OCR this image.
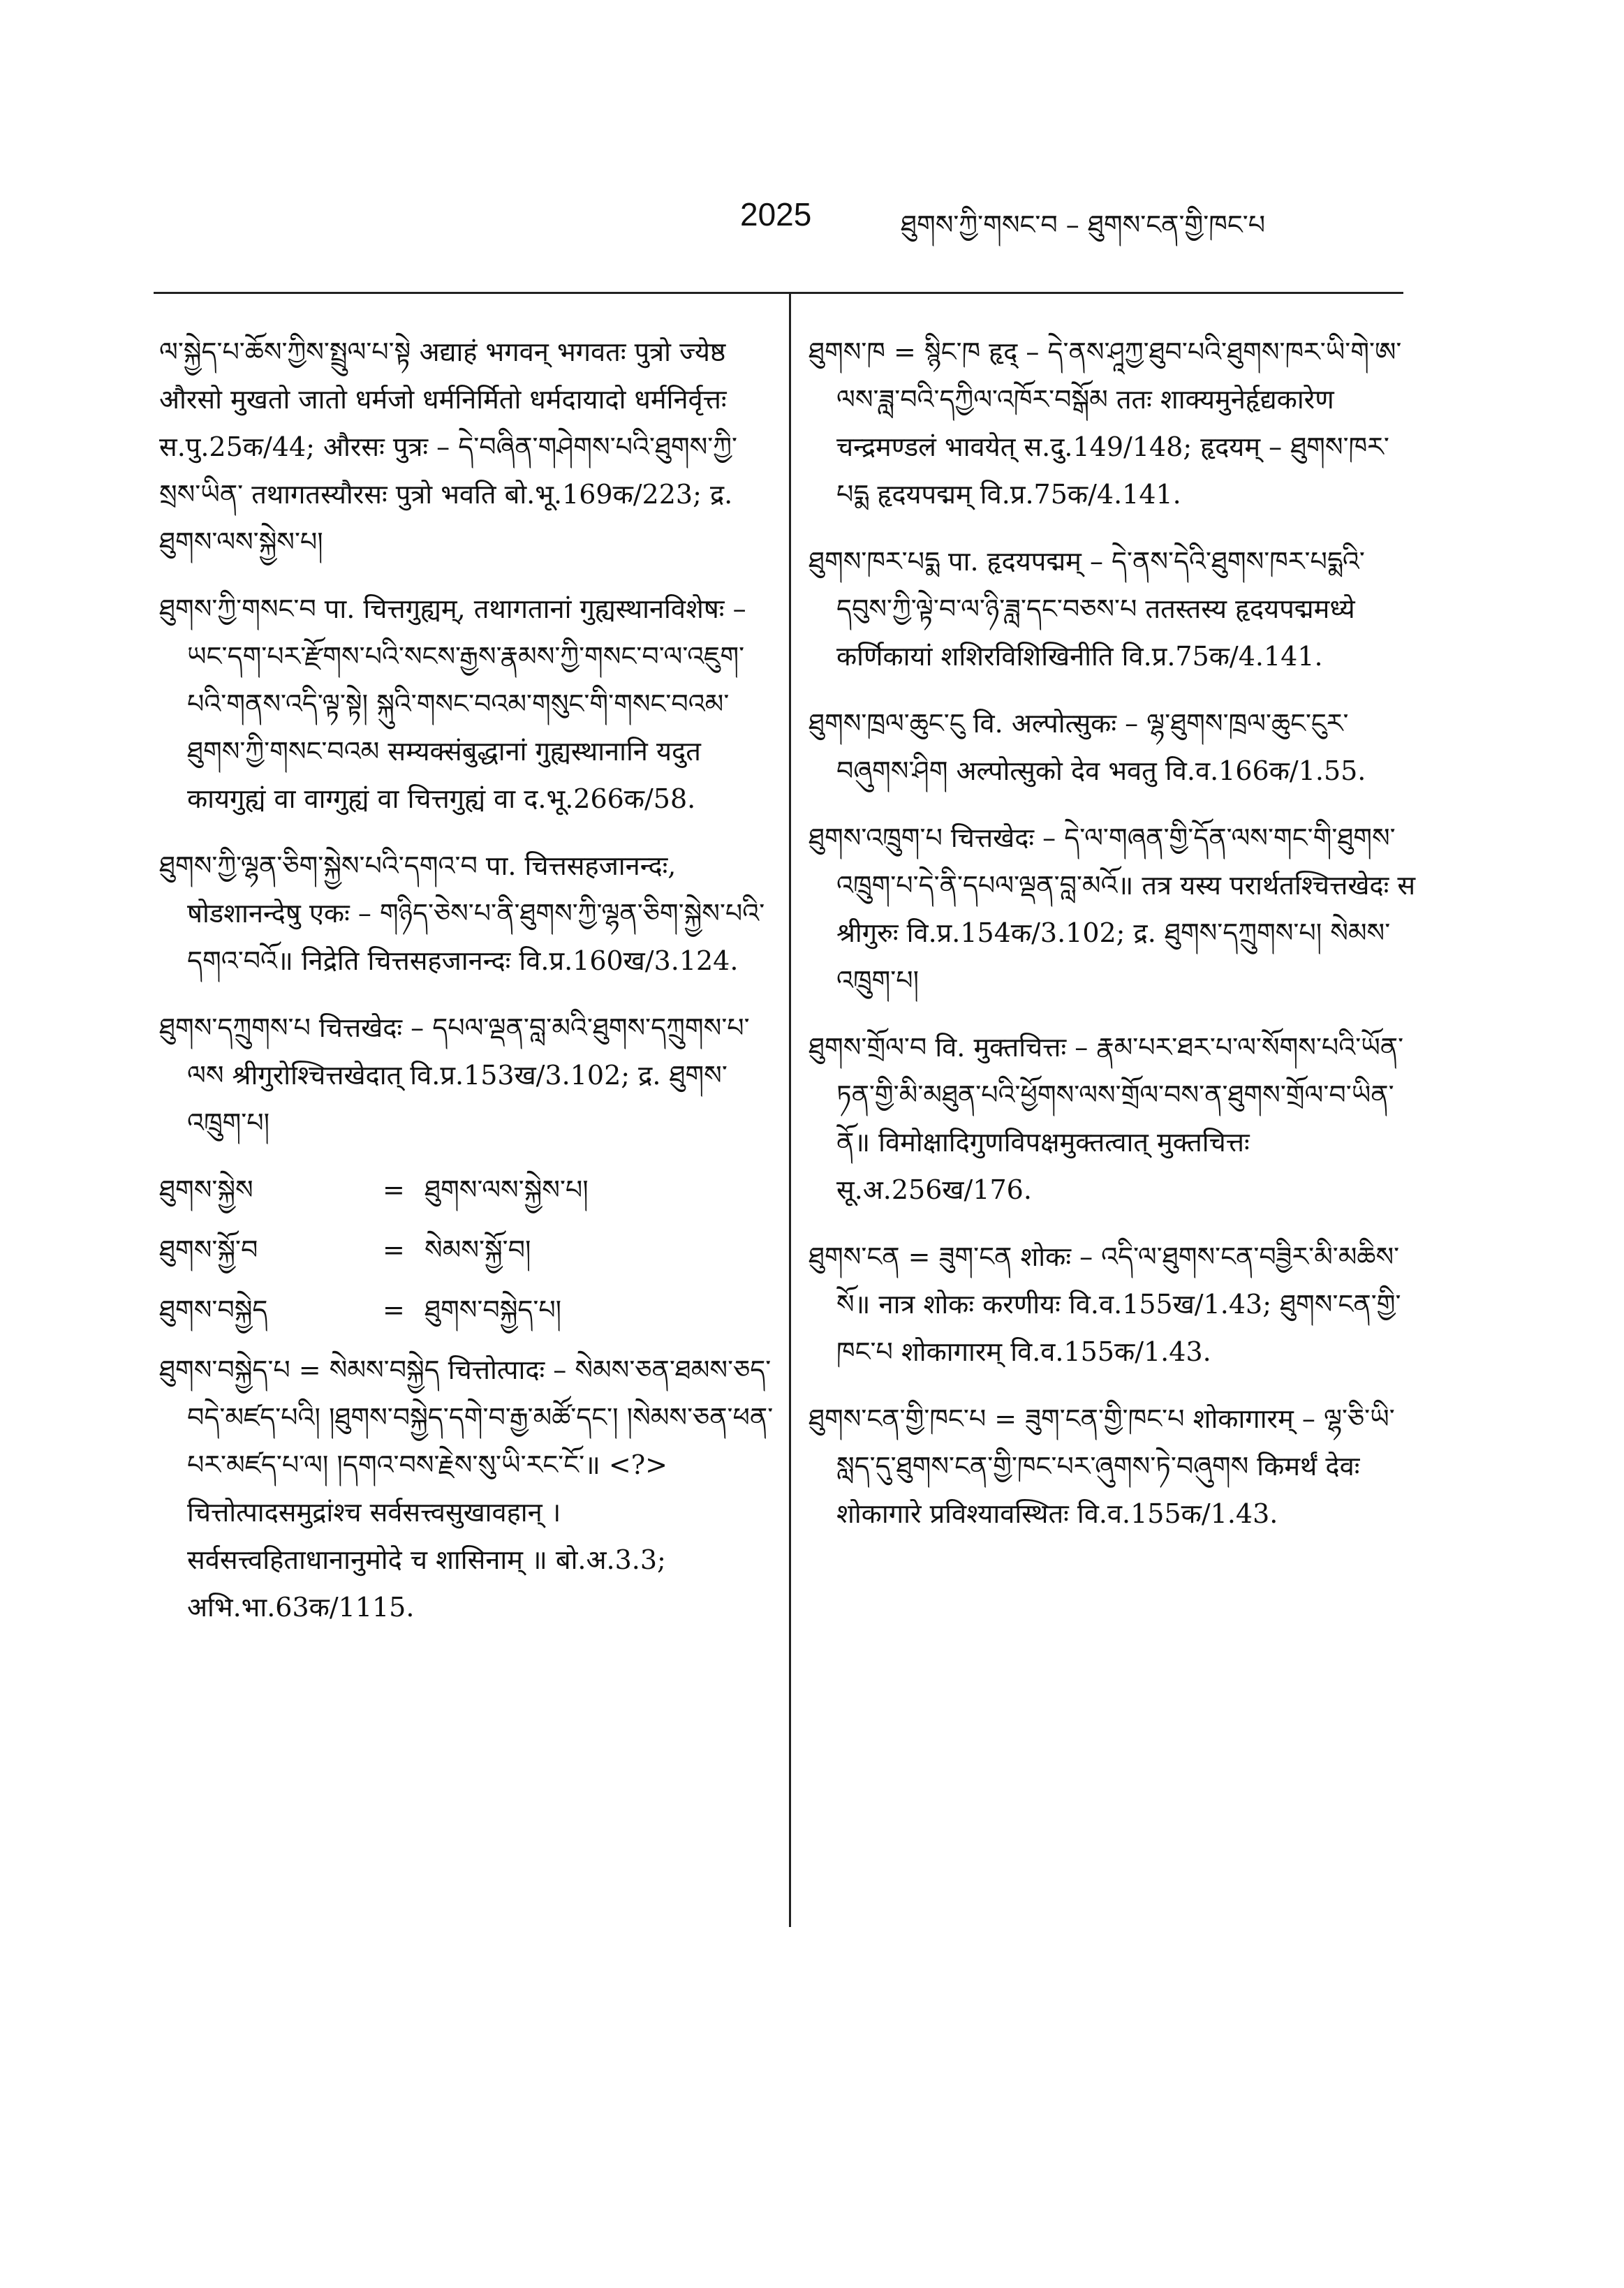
2025	ཐུགས་ཀྱི་གསང་བ – ཐུགས་ངན་གྱི་ཁང་པ
ལ་སྐྱེད་པ་ཆོས་ཀྱིས་སྤྲུལ་པ་སྟེ अद्याहं भगवन् भगवतः पुत्रो ज्येष्ठ औरसो मुखतो जातो धर्मजो धर्मनिर्मितो धर्मदायादो धर्मनिर्वृत्तः स.पु.25क/44; औरसः पुत्रः – དེ་བཞིན་གཤེགས་པའི་ཐུགས་ཀྱི་སྲས་ཡིན་ तथागतस्यौरसः पुत्रो भवति बो.भू.169क/223; द्र. ཐུགས་ལས་སྐྱེས་པ།
ཐུགས་ཀྱི་གསང་བ पा. चित्तगुह्यम्, तथागतानां गुह्यस्थानविशेषः – ཡང་དག་པར་རྫོགས་པའི་སངས་རྒྱས་རྣམས་ཀྱི་གསང་བ་ལ་འཇུག་པའི་གནས་འདི་ལྟ་སྟེ། སྐུའི་གསང་བའམ་གསུང་གི་གསང་བའམ་ཐུགས་ཀྱི་གསང་བའམ सम्यक्संबुद्धानां गुह्यस्थानानि यदुत कायगुह्यं वा वाग्गुह्यं वा चित्तगुह्यं वा द.भू.266क/58.
ཐུགས་ཀྱི་ལྷན་ཅིག་སྐྱེས་པའི་དགའ་བ पा. चित्तसहजानन्दः, षोडशानन्देषु एकः – གཉིད་ཅེས་པ་ནི་ཐུགས་ཀྱི་ལྷན་ཅིག་སྐྱེས་པའི་དགའ་བའོ॥ निद्रेति चित्तसहजानन्दः वि.प्र.160ख/3.124.
ཐུགས་དཀྲུགས་པ चित्तखेदः – དཔལ་ལྡན་བླ་མའི་ཐུགས་དཀྲུགས་པ་ལས श्रीगुरोश्चित्तखेदात् वि.प्र.153ख/3.102; द्र. ཐུགས་འཁྲུག་པ།
ཐུགས་སྐྱེས	= ཐུགས་ལས་སྐྱེས་པ།
ཐུགས་སྐྱོ་བ	= སེམས་སྐྱོ་བ།
ཐུགས་བསྐྱེད	= ཐུགས་བསྐྱེད་པ།
ཐུགས་བསྐྱེད་པ = སེམས་བསྐྱེད चित्तोत्पादः – སེམས་ཅན་ཐམས་ཅད་བདེ་མཛད་པའི། །ཐུགས་བསྐྱེད་དགེ་བ་རྒྱ་མཚོ་དང་། །སེམས་ཅན་ཕན་པར་མཛད་པ་ལ། །དགའ་བས་རྗེས་སུ་ཡི་རང་ངོ་॥ <?> चित्तोत्पादसमुद्रांश्च सर्वसत्त्वसुखावहान् । सर्वसत्त्वहिताधानानुमोदे च शासिनाम् ॥ बो.अ.3.3; अभि.भा.63क/1115.
ཐུགས་ཁ = སྙིང་ཁ हृद् – དེ་ནས་ཤཱཀྱ་ཐུབ་པའི་ཐུགས་ཁར་ཡི་གེ་ཨ་ལས་ཟླ་བའི་དཀྱིལ་འཁོར་བསྒོམ ततः शाक्यमुनेर्हृद्यकारेण चन्द्रमण्डलं भावयेत् स.दु.149/148; हृदयम् – ཐུགས་ཁར་པདྨ हृदयपद्मम् वि.प्र.75क/4.141.
ཐུགས་ཁར་པདྨ पा. हृदयपद्मम् – དེ་ནས་དེའི་ཐུགས་ཁར་པདྨའི་དབུས་ཀྱི་ལྟེ་བ་ལ་ཉི་ཟླ་དང་བཅས་པ ततस्तस्य हृदयपद्ममध्ये कर्णिकायां शशिरविशिखिनीति वि.प्र.75क/4.141.
ཐུགས་ཁྲལ་ཆུང་ངུ वि. अल्पोत्सुकः – ལྷ་ཐུགས་ཁྲལ་ཆུང་ངུར་བཞུགས་ཤིག अल्पोत्सुको देव भवतु वि.व.166क/1.55.
ཐུགས་འཁྲུག་པ चित्तखेदः – དེ་ལ་གཞན་གྱི་དོན་ལས་གང་གི་ཐུགས་འཁྲུག་པ་དེ་ནི་དཔལ་ལྡན་བླ་མའོ॥ तत्र यस्य परार्थतश्चित्तखेदः स श्रीगुरुः वि.प्र.154क/3.102; द्र. ཐུགས་དཀྲུགས་པ། སེམས་འཁྲུག་པ།
ཐུགས་གྲོལ་བ वि. मुक्तचित्तः – རྣམ་པར་ཐར་པ་ལ་སོགས་པའི་ཡོན་ཏན་གྱི་མི་མཐུན་པའི་ཕྱོགས་ལས་གྲོལ་བས་ན་ཐུགས་གྲོལ་བ་ཡིན་ནོ॥ विमोक्षादिगुणविपक्षमुक्तत्वात् मुक्तचित्तः सू.अ.256ख/176.
ཐུགས་ངན = ཟུག་ངན शोकः – འདི་ལ་ཐུགས་ངན་བཟྱིར་མི་མཆིས་སོ॥ नात्र शोकः करणीयः वि.व.155ख/1.43; ཐུགས་ངན་གྱི་ཁང་པ शोकागारम् वि.व.155क/1.43.
ཐུགས་ངན་གྱི་ཁང་པ = ཟུག་ངན་གྱི་ཁང་པ शोकागारम् – ལྷ་ཅི་ཡི་སླད་དུ་ཐུགས་ངན་གྱི་ཁང་པར་ཞུགས་ཏེ་བཞུགས किमर्थं देवः शोकागारे प्रविश्यावस्थितः वि.व.155क/1.43.
